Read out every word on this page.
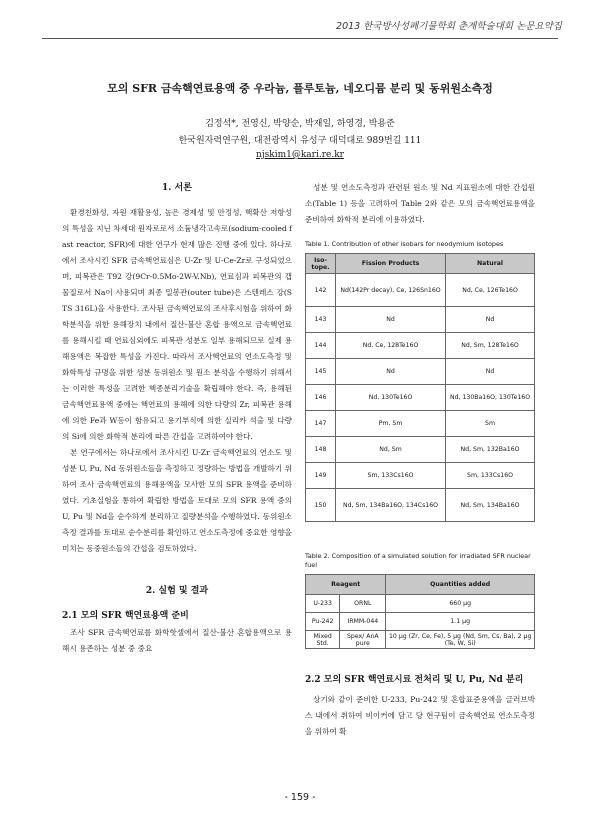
2013 한국방사성폐기물학회 춘계학술대회 논문요약집
모의 SFR 금속핵연료용액 중 우라늄, 플루토늄, 네오디뮴 분리 및 동위원소측정
김정석*, 전영신, 박양순, 박재일, 하영경, 박용준
한국원자력연구원, 대전광역시 유성구 대덕대로 989번길 111
njskim1@kari.re.kr
1. 서론

환경친화성, 자원 재활용성, 높은 경제성 및 안정성, 핵확산 저항성의 특성을 지닌 차세대 원자로로서 소듐냉각고속로(sodium-cooled fast reactor, SFR)에 대한 연구가 현재 많은 진행 중에 있다. 하나로에서 조사시킨 SFR 금속핵연료심은 U-Zr 및 U-Ce-Zr로 구성되었으며, 피복관은 T92 강(9Cr-0.5Mo-2W-V.Nb), 연료심과 피복관의 갭물질로서 Na이 사용되며 최종 밀봉관(outer tube)은 스텐레스 강(STS 316L)을 사용한다. 조사된 금속핵연료의 조사후시험을 위하여 화학분석을 위한 용해장치 내에서 질산-불산 혼합 용액으로 금속핵연료를 용해시킬 때 연료심외에도 피복관 성분도 일부 용해되므로 실제 용해용액은 복잡한 특성을 가진다. 따라서 조사핵연료의 연소도측정 및 화학특성 규명을 위한 성분 동위원소 및 원소 분석을 수행하기 위해서는 이러한 특성을 고려한 핵종분리기술을 확립해야 한다. 즉, 용해된 금속핵연료용액 중에는 핵연료의 용해에 의한 다량의 Zr, 피복관 용해에 의한 Fe과 W등이 함유되고 용기부식에 의한 실리카 석출 및 다량의 Si에 의한 화학적 분리에 따른 간섭을 고려하여야 한다.

본 연구에서는 하나로에서 조사시킨 U-Zr 금속핵연료의 연소도 및 성분 U, Pu, Nd 동위원소들을 측정하고 정량하는 방법을 개발하기 위하여 조사 금속핵연료의 용해용액을 모사한 모의 SFR 용액을 준비하였다. 기초실험을 통하여 확립한 방법을 토대로 모의 SFR 용액 중의 U, Pu 및 Nd을 순수하게 분리하고 질량분석을 수행하였다. 동위원소측정 결과를 토대로 순수분리를 확인하고 연소도측정에 중요한 영향을 미치는 동중원소들의 간섭을 검토하였다.

2. 실험 및 결과
2.1 모의 SFR 핵연료용액 준비

조사 SFR 금속핵연료를 화학핫셀에서 질산-불산 혼합용액으로 용해시 용존하는 성분 중 중요

성분 및 연소도측정과 관련된 원소 및 Nd 지표원소에 대한 간섭원소(Table 1) 등을 고려하여 Table 2와 같은 모의 금속핵연료용액을 준비하여 화학적 분리에 이용하였다.

Table 1. Contribution of other isobars for neodymium isotopes
Iso-tope.	Fission Products	Natural
142	Nd(142Pr decay), Ce, 126Sn16O	Nd, Ce, 126Te16O
143	Nd	Nd
144	Nd, Ce, 128Te16O	Nd, Sm, 128Te16O
145	Nd	Nd
146	Nd, 130Te16O	Nd, 130Ba16O, 130Te16O
147	Pm, Sm	Sm
148	Nd, Sm	Nd, Sm, 132Ba16O
149	Sm, 133Cs16O	Sm, 133Cs16O
150	Nd, Sm, 134Ba16O, 134Cs16O	Nd, Sm, 134Ba16O
Table 2. Composition of a simulated solution for irradiated SFR nuclear fuel
Reagent		Quantities added
U-233	ORNL	660 μg
Pu-242	IRMM-044	1.1 μg
Mixed Std.	Spex/ AnA pure	10 μg (Zr, Ce, Fe), 5 μg (Nd, Sm, Cs, Ba), 2 μg (Te, W, Si)
2.2 모의 SFR 핵연료시료 전처리 및 U, Pu, Nd 분리

상기와 같이 준비한 U-233, Pu-242 및 혼합표준용액을 글러브박스 내에서 취하여 비이커에 담고 당 현구팀이 금속핵연료 연소도측정을 위하여 확

- 159 -
